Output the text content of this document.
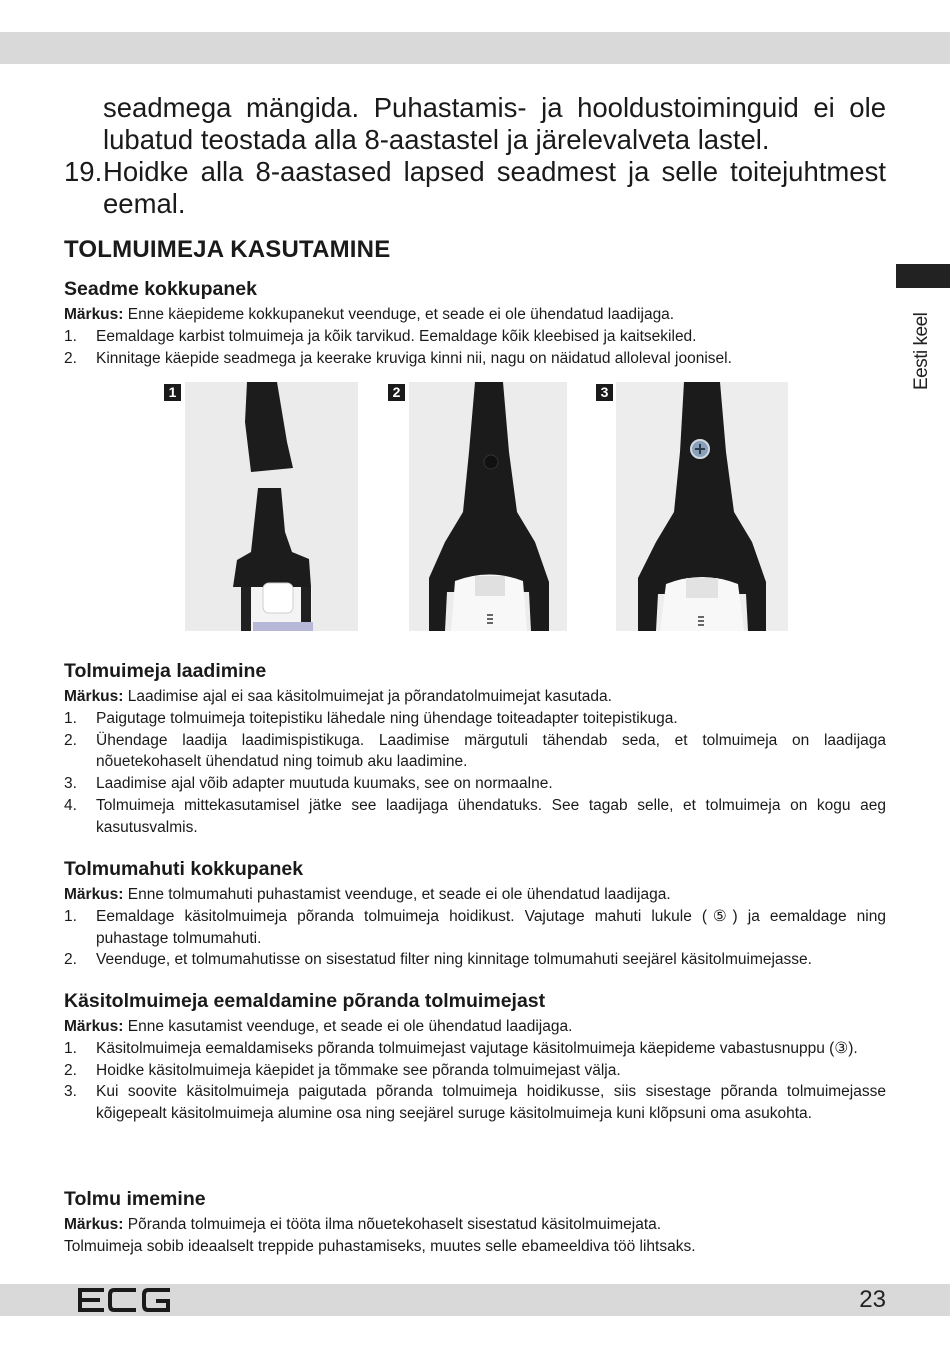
Eesti keel

seadmega mängida. Puhastamis- ja hooldustoiminguid ei ole lubatud teostada alla 8-aastastel ja järelevalveta lastel.

19. Hoidke alla 8-aastased lapsed seadmest ja selle toitejuhtmest eemal.
TOLMUIMEJA KASUTAMINE
Seadme kokkupanek

Märkus: Enne käepideme kokkupanekut veenduge, et seade ei ole ühendatud laadijaga.

1.	Eemaldage karbist tolmuimeja ja kõik tarvikud. Eemaldage kõik kleebised ja kaitsekiled.
2.	Kinnitage käepide seadmega ja keerake kruviga kinni nii, nagu on näidatud alloleval joonisel.
1	2	3
Tolmuimeja laadimine

Märkus: Laadimise ajal ei saa käsitolmuimejat ja põrandatolmuimejat kasutada.

1.	Paigutage tolmuimeja toitepistiku lähedale ning ühendage toiteadapter toitepistikuga.
2.	Ühendage laadija laadimispistikuga. Laadimise märgutuli tähendab seda, et tolmuimeja on laadijaga nõuetekohaselt ühendatud ning toimub aku laadimine.
3.	Laadimise ajal võib adapter muutuda kuumaks, see on normaalne.
4.	Tolmuimeja mittekasutamisel jätke see laadijaga ühendatuks. See tagab selle, et tolmuimeja on kogu aeg kasutusvalmis.
Tolmumahuti kokkupanek

Märkus: Enne tolmumahuti puhastamist veenduge, et seade ei ole ühendatud laadijaga.

1.	Eemaldage käsitolmuimeja põranda tolmuimeja hoidikust. Vajutage mahuti lukule (⑤) ja eemaldage ning puhastage tolmumahuti.
2.	Veenduge, et tolmumahutisse on sisestatud filter ning kinnitage tolmumahuti seejärel käsitolmuimejasse.
Käsitolmuimeja eemaldamine põranda tolmuimejast

Märkus: Enne kasutamist veenduge, et seade ei ole ühendatud laadijaga.

1.	Käsitolmuimeja eemaldamiseks põranda tolmuimejast vajutage käsitolmuimeja käepideme vabastusnuppu (③).
2.	Hoidke käsitolmuimeja käepidet ja tõmmake see põranda tolmuimejast välja.
3.	Kui soovite käsitolmuimeja paigutada põranda tolmuimeja hoidikusse, siis sisestage põranda tolmuimejasse kõigepealt käsitolmuimeja alumine osa ning seejärel suruge käsitolmuimeja kuni klõpsuni oma asukohta.
Tolmu imemine

Märkus: Põranda tolmuimeja ei tööta ilma nõuetekohaselt sisestatud käsitolmuimejata.

Tolmuimeja sobib ideaalselt treppide puhastamiseks, muutes selle ebameeldiva töö lihtsaks.

23
